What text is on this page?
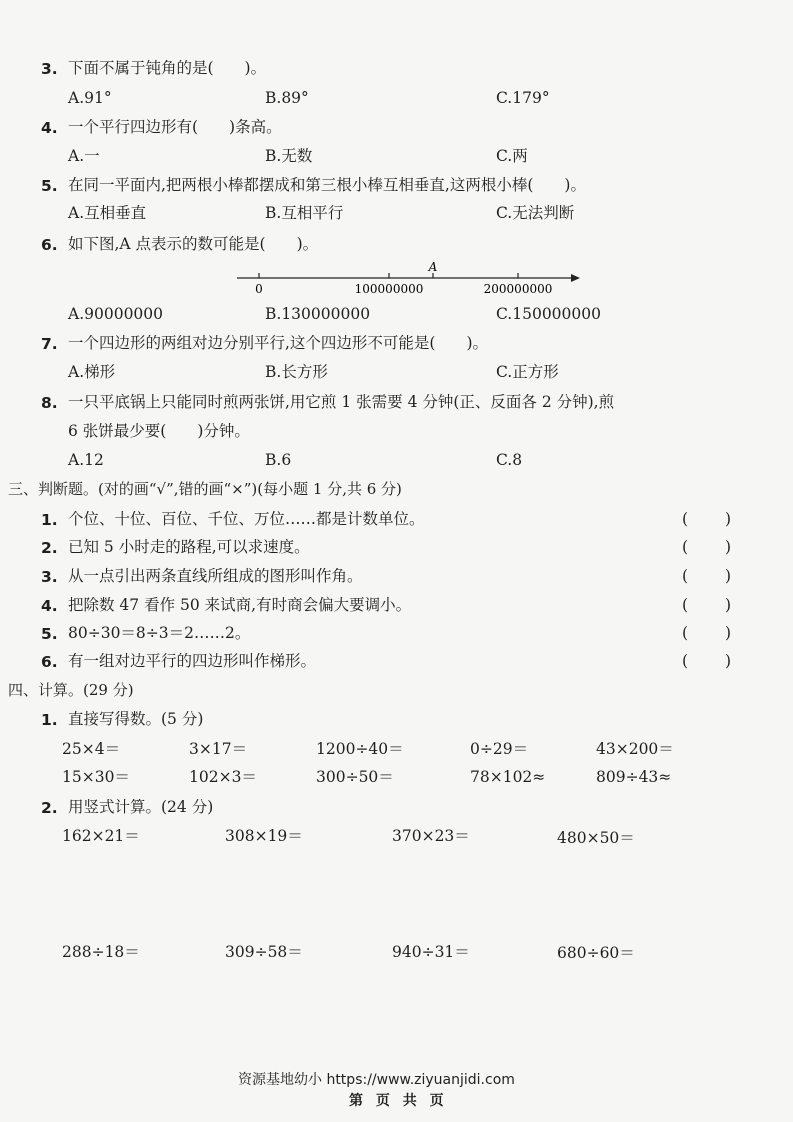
3. 下面不属于钝角的是(　　)。
A.91°	B.89°	C.179°
4. 一个平行四边形有(　　)条高。
A.一	B.无数	C.两
5. 在同一平面内,把两根小棒都摆成和第三根小棒互相垂直,这两根小棒(　　)。
A.互相垂直	B.互相平行	C.无法判断
6. 如下图,A 点表示的数可能是(　　)。
A
0	100000000	200000000
A.90000000	B.130000000	C.150000000
7. 一个四边形的两组对边分别平行,这个四边形不可能是(　　)。
A.梯形	B.长方形	C.正方形
8. 一只平底锅上只能同时煎两张饼,用它煎 1 张需要 4 分钟(正、反面各 2 分钟),煎
6 张饼最少要(　　)分钟。
A.12	B.6	C.8
三、判断题。(对的画“√”,错的画“×”)(每小题 1 分,共 6 分)
1. 个位、十位、百位、千位、万位……都是计数单位。	(　　)
2. 已知 5 小时走的路程,可以求速度。	(　　)
3. 从一点引出两条直线所组成的图形叫作角。	(　　)
4. 把除数 47 看作 50 来试商,有时商会偏大要调小。	(　　)
5. 80÷30＝8÷3＝2……2。	(　　)
6. 有一组对边平行的四边形叫作梯形。	(　　)
四、计算。(29 分)
1. 直接写得数。(5 分)
25×4＝	3×17＝	1200÷40＝	0÷29＝	43×200＝
15×30＝	102×3＝	300÷50＝	78×102≈	809÷43≈
2. 用竖式计算。(24 分)
162×21＝	308×19＝	370×23＝	480×50＝
288÷18＝	309÷58＝	940÷31＝	680÷60＝
资源基地幼小 https://www.ziyuanjidi.com
第 页 共 页
